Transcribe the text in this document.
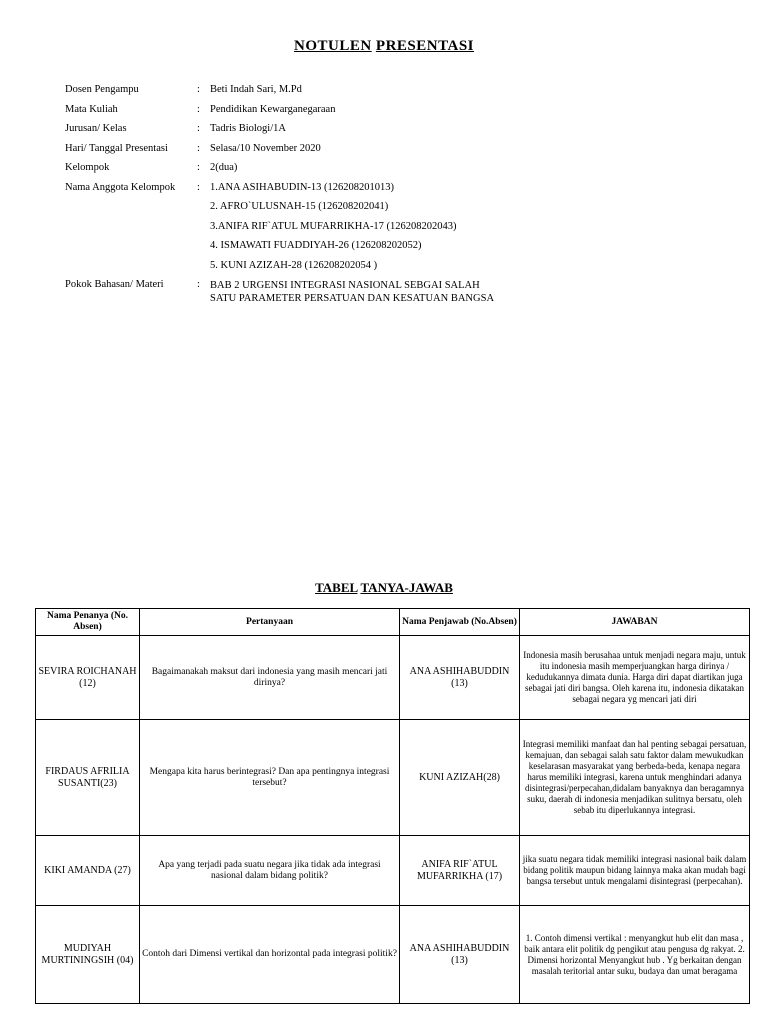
NOTULEN PRESENTASI
Dosen Pengampu	: Beti Indah Sari, M.Pd
Mata Kuliah	: Pendidikan Kewarganegaraan
Jurusan/ Kelas	: Tadris Biologi/1A
Hari/ Tanggal Presentasi	: Selasa/10 November 2020
Kelompok	: 2(dua)
Nama Anggota Kelompok : 1.ANA ASIHABUDIN-13 (126208201013)
2. AFRO`ULUSNAH-15 (126208202041)
3.ANIFA RIF`ATUL MUFARRIKHA-17 (126208202043)
4. ISMAWATI FUADDIYAH-26 (126208202052)
5. KUNI AZIZAH-28 (126208202054 )
Pokok Bahasan/ Materi	: BAB 2 URGENSI INTEGRASI NASIONAL SEBGAI SALAH
SATU PARAMETER PERSATUAN DAN KESATUAN BANGSA
TABEL TANYA-JAWAB
Nama Penanya (No. Absen)	Pertanyaan	Nama Penjawab (No.Absen)	JAWABAN
SEVIRA ROICHANAH (12)	Bagaimanakah maksut dari indonesia yang masih mencari jati dirinya?	ANA ASHIHABUDDIN (13)	Indonesia masih berusahaa untuk menjadi negara maju, untuk itu indonesia masih memperjuangkan harga dirinya / kedudukannya dimata dunia. Harga diri dapat diartikan juga sebagai jati diri bangsa. Oleh karena itu, indonesia dikatakan sebagai negara yg mencari jati diri
FIRDAUS AFRILIA SUSANTI(23)	Mengapa kita harus berintegrasi? Dan apa pentingnya integrasi tersebut?	KUNI AZIZAH(28)	Integrasi memiliki manfaat dan hal penting sebagai persatuan, kemajuan, dan sebagai salah satu faktor dalam mewukudkan keselarasan masyarakat yang berbeda-beda, kenapa negara harus memiliki integrasi, karena untuk menghindari adanya disintegrasi/perpecahan,didalam banyaknya dan beragamnya suku, daerah di indonesia menjadikan sulitnya bersatu, oleh sebab itu diperlukannya integrasi.
KIKI AMANDA (27)	Apa yang terjadi pada suatu negara jika tidak ada integrasi nasional dalam bidang politik?	ANIFA RIF`ATUL MUFARRIKHA (17)	jika suatu negara tidak memiliki integrasi nasional baik dalam bidang politik maupun bidang lainnya maka akan mudah bagi bangsa tersebut untuk mengalami disintegrasi (perpecahan).
MUDIYAH MURTININGSIH (04)	Contoh dari Dimensi vertikal dan horizontal pada integrasi politik?	ANA ASHIHABUDDIN (13)	1. Contoh dimensi vertikal : menyangkut hub elit dan masa , baik antara elit politik dg pengikut atau pengusa dg rakyat. 2. Dimensi horizontal Menyangkut hub . Yg berkaitan dengan masalah teritorial antar suku, budaya dan umat beragama
